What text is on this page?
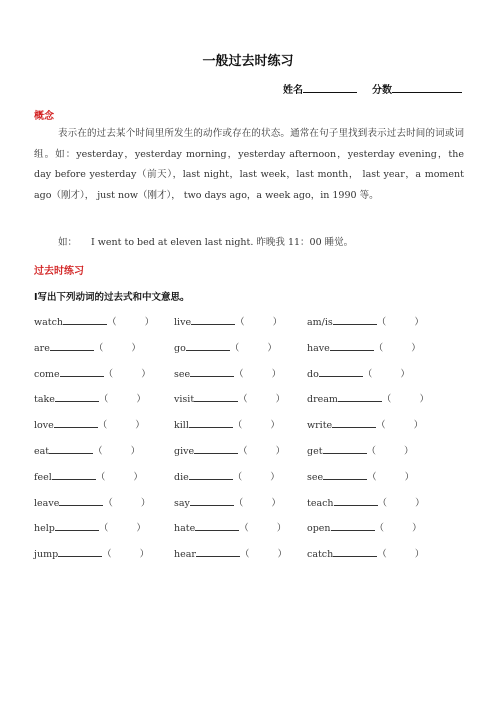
一般过去时练习
姓名	分数
概念

表示在的过去某个时间里所发生的动作或存在的状态。通常在句子里找到表示过去时间的词或词组。如：yesterday，yesterday morning，yesterday afternoon，yesterday evening，the day before yesterday（前天），last night，last week，last month， last year，a moment ago（刚才）， just now（刚才）， two days ago，a week ago，in 1990 等。

如： I went to bed at eleven last night. 昨晚我 11：00 睡觉。
过去时练习
Ⅰ写出下列动词的过去式和中文意思。
watch	（	） live	（	）	am/is	（	）
are	（	）	go	（	）	have	（	）
come	（	） see	（	）	do	（	）
take	（	）	visit	（	） dream	（	）
love	（	）	kill	（	）	write	（	）
eat	（	）	give	（	） get	（	）
feel	（	）	die	（	）	see	（	）
leave	（	） say	（	）	teach	（	）
help	（	）	hate	（	） open	（	）
jump	（	）	hear	（	） catch	（	）
